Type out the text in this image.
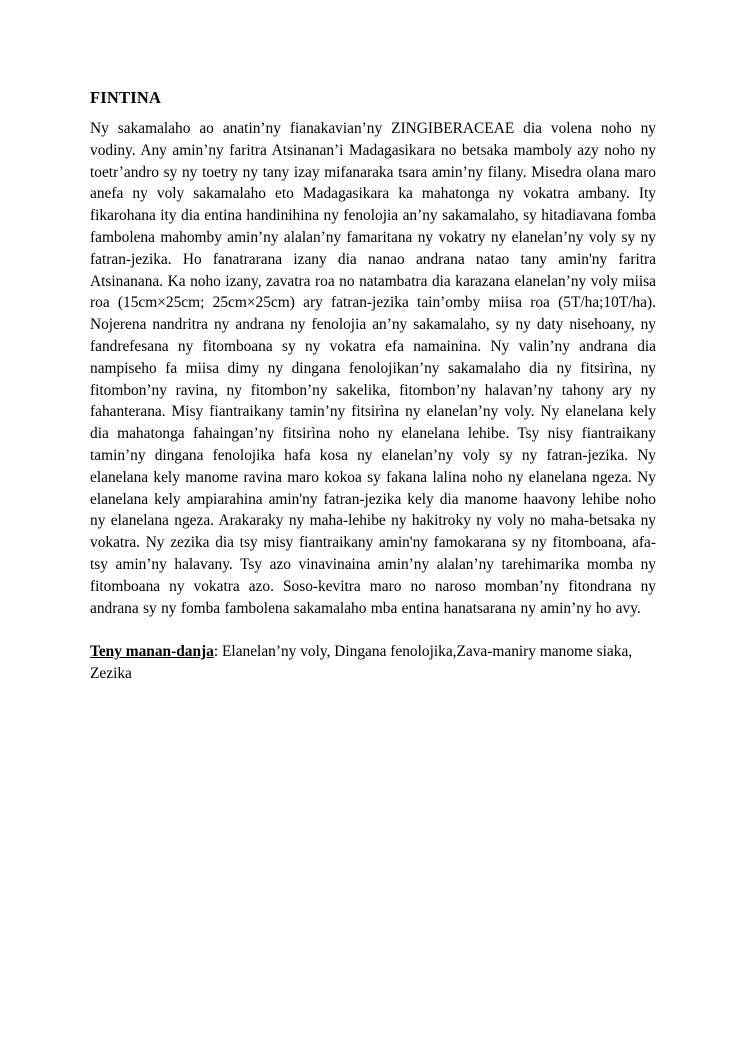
FINTINA

Ny sakamalaho ao anatin’ny fianakavian’ny ZINGIBERACEAE dia volena noho ny vodiny. Any amin’ny faritra Atsinanan’i Madagasikara no betsaka mamboly azy noho ny toetr’andro sy ny toetry ny tany izay mifanaraka tsara amin’ny filany. Misedra olana maro anefa ny voly sakamalaho eto Madagasikara ka mahatonga ny vokatra ambany. Ity fikarohana ity dia entina handinihina ny fenolojia an’ny sakamalaho, sy hitadiavana fomba fambolena mahomby amin’ny alalan’ny famaritana ny vokatry ny elanelan’ny voly sy ny fatran-jezika. Ho fanatrarana izany dia nanao andrana natao tany amin'ny faritra Atsinanana. Ka noho izany, zavatra roa no natambatra dia karazana elanelan’ny voly miisa roa (15cm×25cm; 25cm×25cm) ary fatran-jezika tain’omby miisa roa (5T/ha;10T/ha). Nojerena nandritra ny andrana ny fenolojia an’ny sakamalaho, sy ny daty nisehoany, ny fandrefesana ny fitomboana sy ny vokatra efa namainina. Ny valin’ny andrana dia nampiseho fa miisa dimy ny dingana fenolojikan’ny sakamalaho dia ny fitsirìna, ny fitombon’ny ravina, ny fitombon’ny sakelika, fitombon’ny halavan’ny tahony ary ny fahanterana. Misy fiantraikany tamin’ny fitsirìna ny elanelan’ny voly. Ny elanelana kely dia mahatonga fahaingan’ny fitsirìna noho ny elanelana lehibe. Tsy nisy fiantraikany tamin’ny dingana fenolojika hafa kosa ny elanelan’ny voly sy ny fatran-jezika. Ny elanelana kely manome ravina maro kokoa sy fakana lalina noho ny elanelana ngeza. Ny elanelana kely ampiarahina amin'ny fatran-jezika kely dia manome haavony lehibe noho ny elanelana ngeza. Arakaraky ny maha-lehibe ny hakitroky ny voly no maha-betsaka ny vokatra. Ny zezika dia tsy misy fiantraikany amin'ny famokarana sy ny fitomboana, afa-tsy amin’ny halavany. Tsy azo vinavinaina amin’ny alalan’ny tarehimarika momba ny fitomboana ny vokatra azo. Soso-kevitra maro no naroso momban’ny fitondrana ny andrana sy ny fomba fambolena sakamalaho mba entina hanatsarana ny amin’ny ho avy.

Teny manan-danja: Elanelan’ny voly, Dingana fenolojika,Zava-maniry manome siaka, Zezika
